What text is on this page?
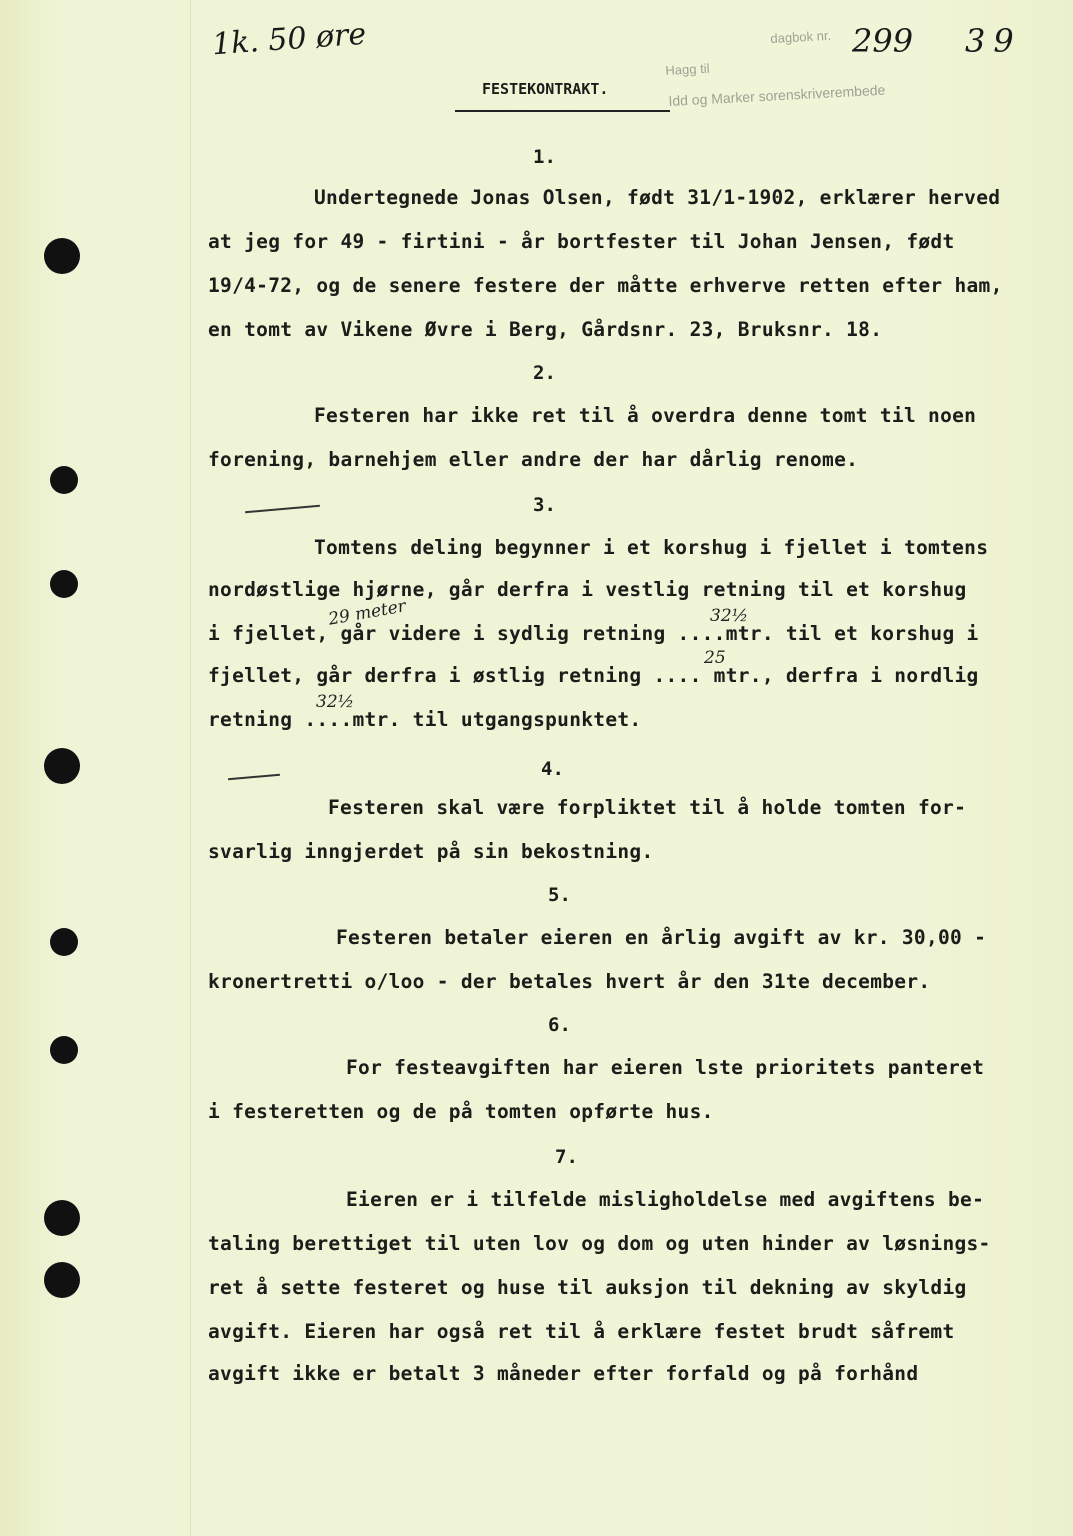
1k. 50 øre	dagbok nr.
Hagg til
Idd og Marker sorenskriverembede
299 39
FESTEKONTRAKT.
1.
Undertegnede Jonas Olsen, født 31/1-1902, erklærer herved
at jeg for 49 - firtini - år bortfester til Johan Jensen, født
19/4-72, og de senere festere der måtte erhverve retten efter ham,
en tomt av Vikene Øvre i Berg, Gårdsnr. 23, Bruksnr. 18.
2.
Festeren har ikke ret til å overdra denne tomt til noen
forening, barnehjem eller andre der har dårlig renome.
3.
Tomtens deling begynner i et korshug i fjellet i tomtens
nordøstlige hjørne, går derfra i vestlig retning til et korshug
29 meter
i fjellet, går videre i sydlig retning ....mtr. til et korshug i
32½
fjellet, går derfra i østlig retning .... mtr., derfra i nordlig
25
retning ....mtr. til utgangspunktet.
32½
4.
Festeren skal være forpliktet til å holde tomten for-
svarlig inngjerdet på sin bekostning.
5.
Festeren betaler eieren en årlig avgift av kr. 30,00 -
kronertretti o/loo - der betales hvert år den 31te december.
6.
For festeavgiften har eieren lste prioritets panteret
i festeretten og de på tomten opførte hus.
7.
Eieren er i tilfelde misligholdelse med avgiftens be-
taling berettiget til uten lov og dom og uten hinder av løsnings-
ret å sette festeret og huse til auksjon til dekning av skyldig
avgift. Eieren har også ret til å erklære festet brudt såfremt
avgift ikke er betalt 3 måneder efter forfald og på forhånd
